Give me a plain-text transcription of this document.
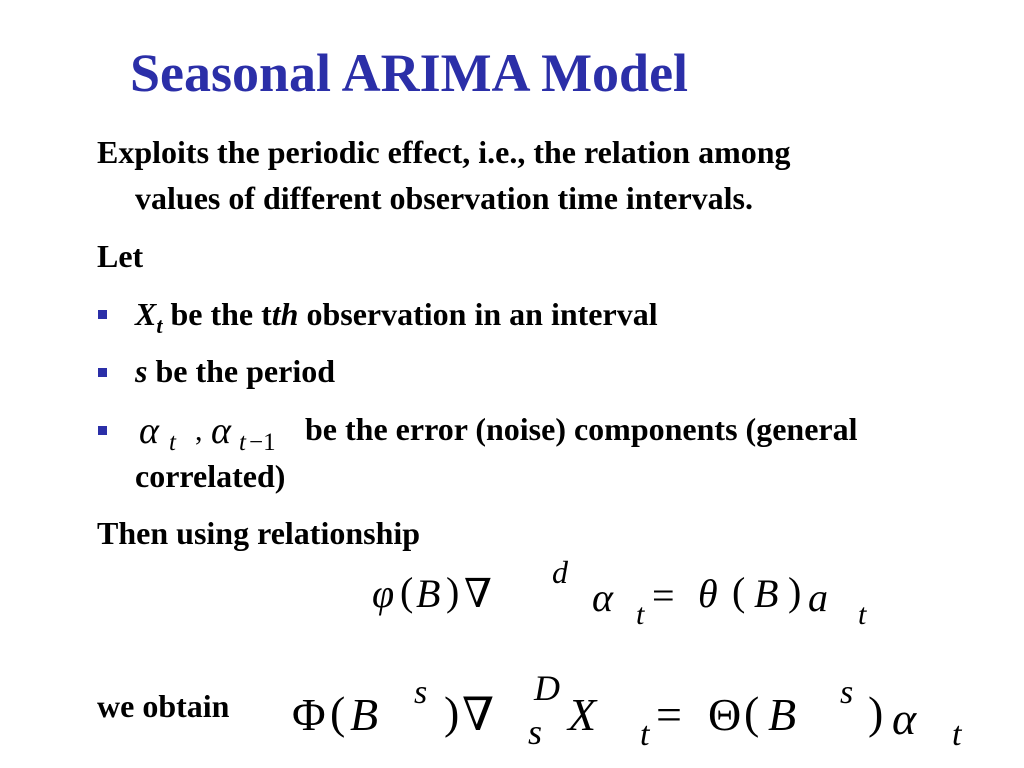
Seasonal ARIMA Model
Exploits the periodic effect, i.e., the relation among
values of different observation time intervals.
Let
$X_t$ be the tth observation in an interval
s be the period
α t , α t −1 be the error (noise) components (general
correlated)
Then using relationship
φ ( B ) ∇ d
α t = θ ( B ) a t
we obtain Φ ( B s ) ∇
D
s X t = Θ ( B s ) α t
